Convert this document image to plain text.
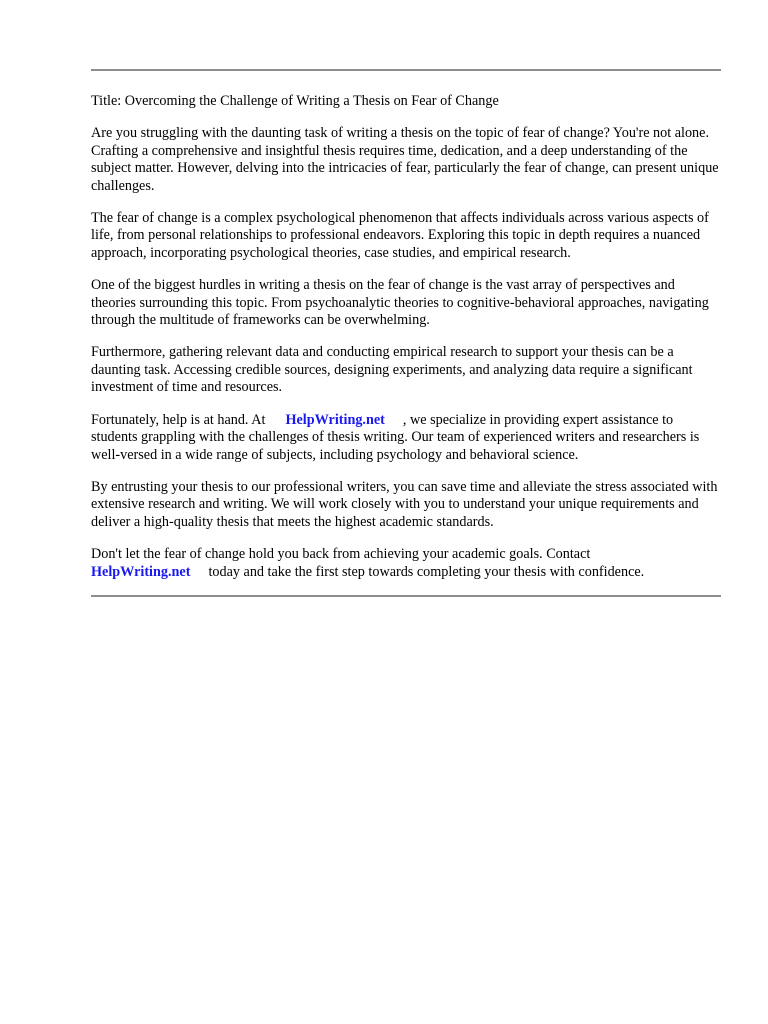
Title: Overcoming the Challenge of Writing a Thesis on Fear of Change

Are you struggling with the daunting task of writing a thesis on the topic of fear of change? You're not alone. Crafting a comprehensive and insightful thesis requires time, dedication, and a deep understanding of the subject matter. However, delving into the intricacies of fear, particularly the fear of change, can present unique challenges.

The fear of change is a complex psychological phenomenon that affects individuals across various aspects of life, from personal relationships to professional endeavors. Exploring this topic in depth requires a nuanced approach, incorporating psychological theories, case studies, and empirical research.

One of the biggest hurdles in writing a thesis on the fear of change is the vast array of perspectives and theories surrounding this topic. From psychoanalytic theories to cognitive-behavioral approaches, navigating through the multitude of frameworks can be overwhelming.

Furthermore, gathering relevant data and conducting empirical research to support your thesis can be a daunting task. Accessing credible sources, designing experiments, and analyzing data require a significant investment of time and resources.

Fortunately, help is at hand. At HelpWriting.net , we specialize in providing expert assistance to students grappling with the challenges of thesis writing. Our team of experienced writers and researchers is well-versed in a wide range of subjects, including psychology and behavioral science.

By entrusting your thesis to our professional writers, you can save time and alleviate the stress associated with extensive research and writing. We will work closely with you to understand your unique requirements and deliver a high-quality thesis that meets the highest academic standards.

Don't let the fear of change hold you back from achieving your academic goals. Contact
HelpWriting.net today and take the first step towards completing your thesis with confidence.
